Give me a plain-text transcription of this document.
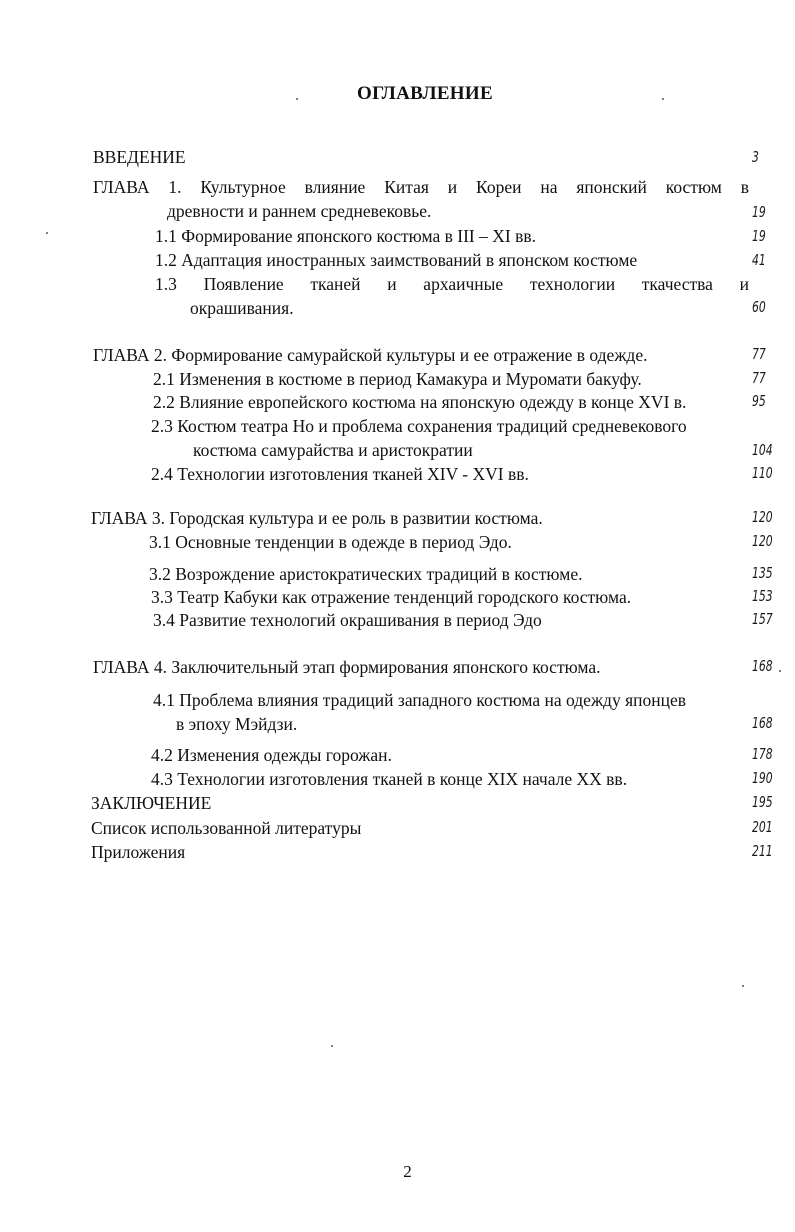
ОГЛАВЛЕНИЕ
ВВЕДЕНИЕ	3
ГЛАВА 1. Культурное влияние Китая и Кореи на японский костюм в
древности и раннем средневековье.	19
1.1 Формирование японского костюма в III – XI вв.	19
1.2 Адаптация иностранных заимствований в японском костюме	41
1.3 Появление тканей и архаичные технологии ткачества и
окрашивания.	60
ГЛАВА 2. Формирование самурайской культуры и ее отражение в одежде.	77
2.1 Изменения в костюме в период Камакура и Муромати бакуфу.	77
2.2 Влияние европейского костюма на японскую одежду в конце XVI в.	95
2.3 Костюм театра Но и проблема сохранения традиций средневекового
костюма самурайства и аристократии	104
2.4 Технологии изготовления тканей XIV - XVI вв.	110
ГЛАВА 3. Городская культура и ее роль в развитии костюма.	120
3.1 Основные тенденции в одежде в период Эдо.	120
3.2 Возрождение аристократических традиций в костюме.	135
3.3 Театр Кабуки как отражение тенденций городского костюма.	153
3.4 Развитие технологий окрашивания в период Эдо	157
ГЛАВА 4. Заключительный этап формирования японского костюма.	168
4.1 Проблема влияния традиций западного костюма на одежду японцев
в эпоху Мэйдзи.	168
4.2 Изменения одежды горожан.	178
4.3 Технологии изготовления тканей в конце XIX начале XX вв.	190
ЗАКЛЮЧЕНИЕ	195
Список использованной литературы	201
Приложения	211
2
